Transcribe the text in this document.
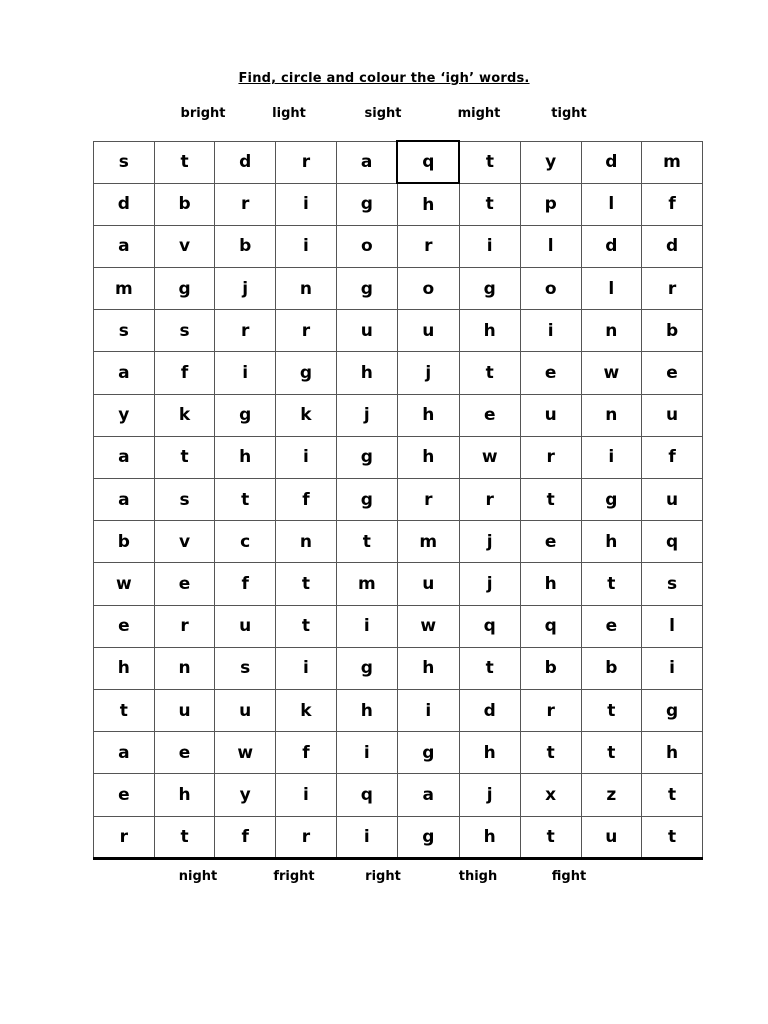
Find, circle and colour the ‘igh’ words.
bright	light	sight	might	tight
s	t	d	r	a	q	t	y	d	m
d	b	r	i	g	h	t	p	l	f
a	v	b	i	o	r	i	l	d	d
m	g	j	n	g	o	g	o	l	r
s	s	r	r	u	u	h	i	n	b
a	f	i	g	h	j	t	e	w	e
y	k	g	k	j	h	e	u	n	u
a	t	h	i	g	h	w	r	i	f
a	s	t	f	g	r	r	t	g	u
b	v	c	n	t	m	j	e	h	q
w	e	f	t	m	u	j	h	t	s
e	r	u	t	i	w	q	q	e	l
h	n	s	i	g	h	t	b	b	i
t	u	u	k	h	i	d	r	t	g
a	e	w	f	i	g	h	t	t	h
e	h	y	i	q	a	j	x	z	t
r	t	f	r	i	g	h	t	u	t
night	fright	right	thigh	fight
